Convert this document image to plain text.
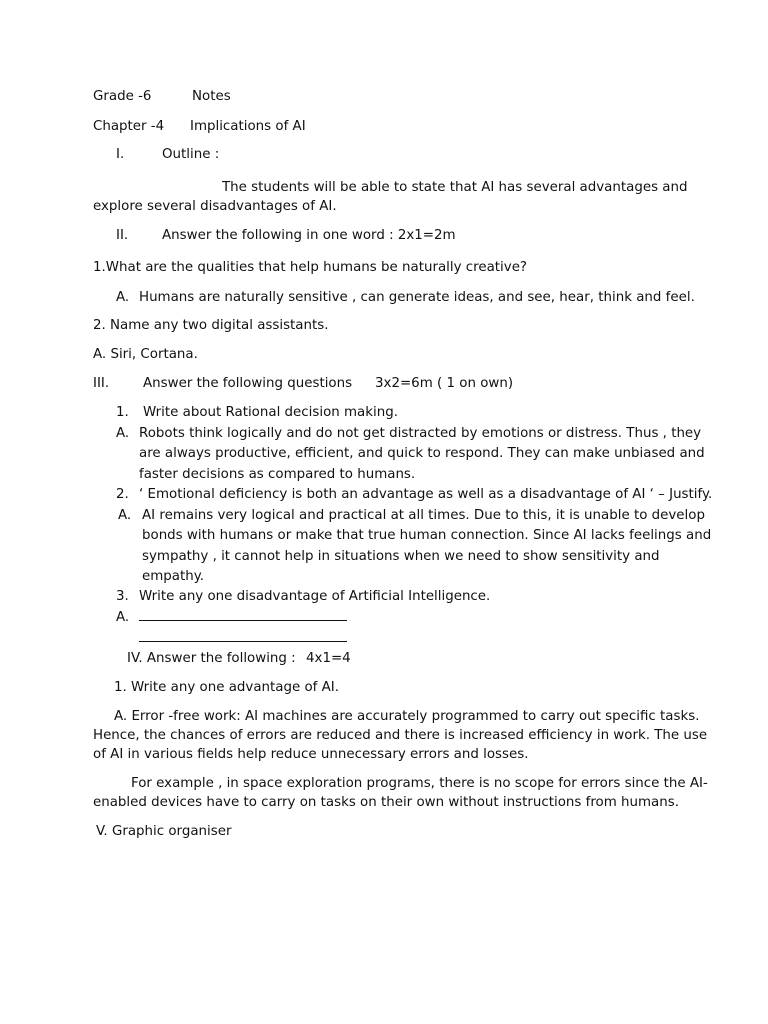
Grade -6	Notes
Chapter -4 Implications of AI
I.	Outline :
The students will be able to state that AI has several advantages and
explore several disadvantages of AI.
II.	Answer the following in one word : 2x1=2m
1.What are the qualities that help humans be naturally creative?
A. Humans are naturally sensitive , can generate ideas, and see, hear, think and feel.
2. Name any two digital assistants.
A. Siri, Cortana.
III.	Answer the following questions 3x2=6m ( 1 on own)
1. Write about Rational decision making.
A. Robots think logically and do not get distracted by emotions or distress. Thus , they
are always productive, efficient, and quick to respond. They can make unbiased and
faster decisions as compared to humans.
2. ‘ Emotional deficiency is both an advantage as well as a disadvantage of AI ‘ – Justify.
A. AI remains very logical and practical at all times. Due to this, it is unable to develop
bonds with humans or make that true human connection. Since AI lacks feelings and
sympathy , it cannot help in situations when we need to show sensitivity and
empathy.
3. Write any one disadvantage of Artificial Intelligence.
A.
IV. Answer the following : 4x1=4
1. Write any one advantage of AI.
A. Error -free work: AI machines are accurately programmed to carry out specific tasks.
Hence, the chances of errors are reduced and there is increased efficiency in work. The use
of AI in various fields help reduce unnecessary errors and losses.
For example , in space exploration programs, there is no scope for errors since the AI-
enabled devices have to carry on tasks on their own without instructions from humans.
V. Graphic organiser
